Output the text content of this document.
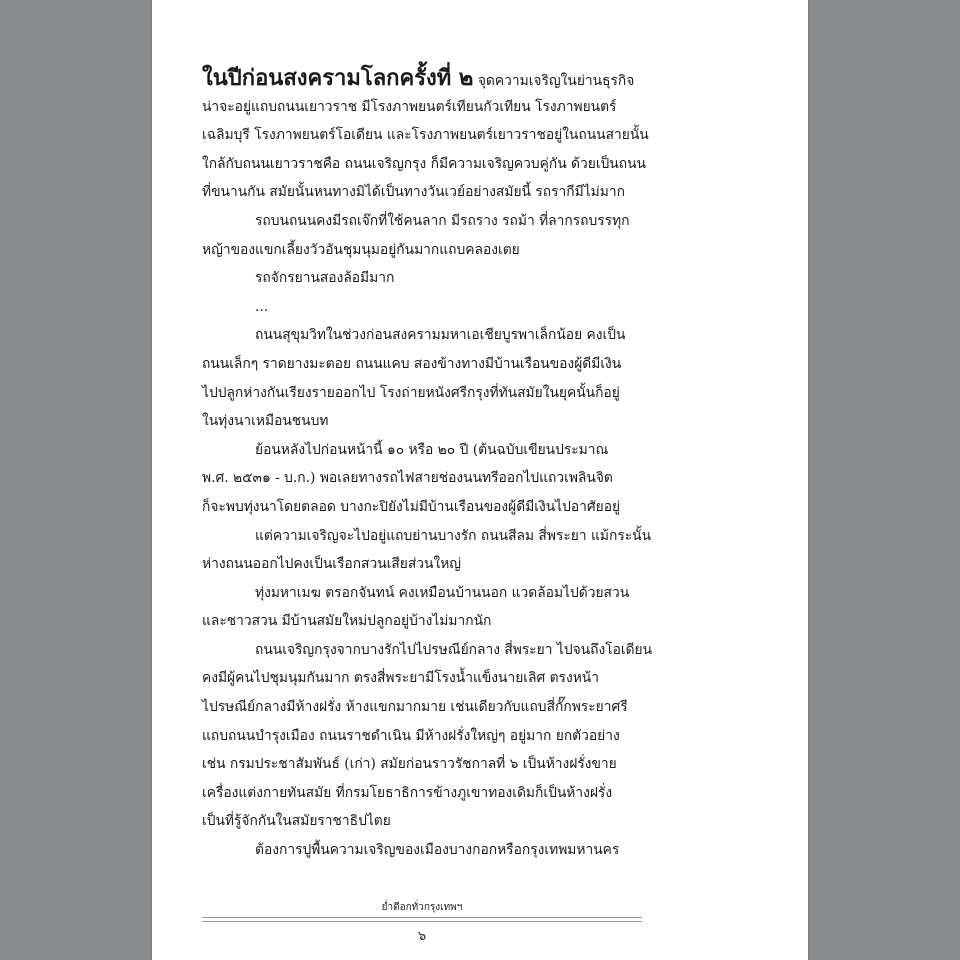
ในปีก่อนสงครามโลกครั้งที่ ๒ จุดความเจริญในย่านธุรกิจ
น่าจะอยู่แถบถนนเยาวราช มีโรงภาพยนตร์เทียนกัวเทียน โรงภาพยนตร์
เฉลิมบุรี โรงภาพยนตร์โอเดียน และโรงภาพยนตร์เยาวราชอยู่ในถนนสายนั้น
ใกล้กับถนนเยาวราชคือ ถนนเจริญกรุง ก็มีความเจริญควบคู่กัน ด้วยเป็นถนน
ที่ขนานกัน สมัยนั้นหนทางมิได้เป็นทางวันเวย์อย่างสมัยนี้ รถรากีมีไม่มาก
รถบนถนนคงมีรถเจ๊กที่ใช้คนลาก มีรถราง รถม้า ที่ลากรถบรรทุก
หญ้าของแขกเลี้ยงวัวอันชุมนุมอยู่กันมากแถบคลองเตย
รถจักรยานสองล้อมีมาก
...
ถนนสุขุมวิทในช่วงก่อนสงครามมหาเอเชียบูรพาเล็กน้อย คงเป็น
ถนนเล็กๆ ราดยางมะตอย ถนนแคบ สองข้างทางมีบ้านเรือนของผู้ดีมีเงิน
ไปปลูกห่างกันเรียงรายออกไป โรงถ่ายหนังศรีกรุงที่ทันสมัยในยุคนั้นก็อยู่
ในทุ่งนาเหมือนชนบท
ย้อนหลังไปก่อนหน้านี้ ๑๐ หรือ ๒๐ ปี (ต้นฉบับเขียนประมาณ
พ.ศ. ๒๕๓๑ - บ.ก.) พอเลยทางรถไฟสายช่องนนทรีออกไปแถวเพลินจิต
ก็จะพบทุ่งนาโดยตลอด บางกะปิยังไม่มีบ้านเรือนของผู้ดีมีเงินไปอาศัยอยู่
แต่ความเจริญจะไปอยู่แถบย่านบางรัก ถนนสีลม สี่พระยา แม้กระนั้น
ห่างถนนออกไปคงเป็นเรือกสวนเสียส่วนใหญ่
ทุ่งมหาเมฆ ตรอกจันทน์ คงเหมือนบ้านนอก แวดล้อมไปด้วยสวน
และชาวสวน มีบ้านสมัยใหม่ปลูกอยู่บ้างไม่มากนัก
ถนนเจริญกรุงจากบางรักไปไปรษณีย์กลาง สี่พระยา ไปจนถึงโอเดียน
คงมีผู้คนไปชุมนุมกันมาก ตรงสี่พระยามีโรงน้ำแข็งนายเลิศ ตรงหน้า
ไปรษณีย์กลางมีห้างฝรั่ง ห้างแขกมากมาย เช่นเดียวกับแถบสี่กั๊กพระยาศรี
แถบถนนบำรุงเมือง ถนนราชดำเนิน มีห้างฝรั่งใหญ่ๆ อยู่มาก ยกตัวอย่าง
เช่น กรมประชาสัมพันธ์ (เก่า) สมัยก่อนราวรัชกาลที่ ๖ เป็นห้างฝรั่งขาย
เครื่องแต่งกายทันสมัย ที่กรมโยธาธิการข้างภูเขาทองเดิมก็เป็นห้างฝรั่ง
เป็นที่รู้จักกันในสมัยราชาธิปไตย
ต้องการปูพื้นความเจริญของเมืองบางกอกหรือกรุงเทพมหานคร
ย่ำตีอกทั่วกรุงเทพฯ
๖
